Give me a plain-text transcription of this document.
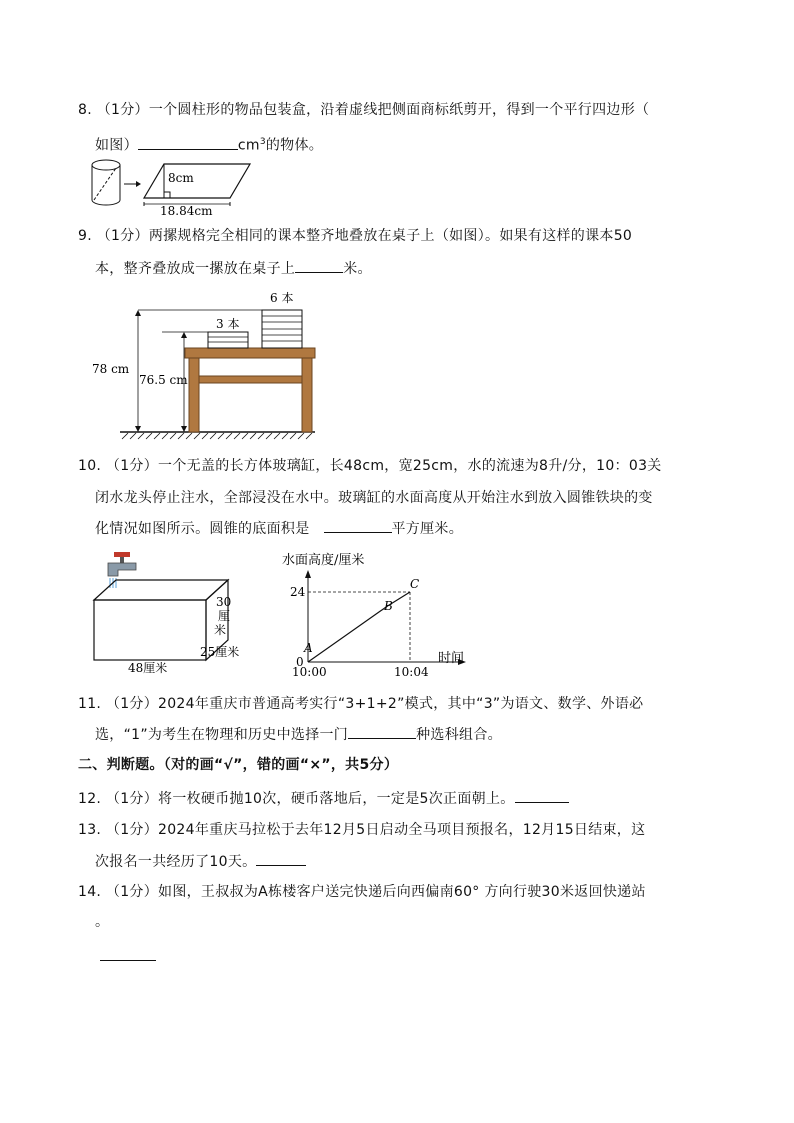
8. （1分）一个圆柱形的物品包装盒，沿着虚线把侧面商标纸剪开，得到一个平行四边形（
如图）	$cm^3$的物体。
8cm
18.84cm
9. （1分）两摞规格完全相同的课本整齐地叠放在桌子上（如图）。如果有这样的课本50
本，整齐叠放成一摞放在桌子上	米。
6 本
3 本
78 cm
76.5 cm
10. （1分）一个无盖的长方体玻璃缸，长48cm，宽25cm，水的流速为8升/分，10：03关
闭水龙头停止注水，全部浸没在水中。玻璃缸的水面高度从开始注水到放入圆锥铁块的变
化情况如图所示。圆锥的底面积是	平方厘米。
30
厘
米
25厘米
48厘米
水面高度/厘米
24
0
10:00	10:04
时间
A
B
C
11. （1分）2024年重庆市普通高考实行“3+1+2”模式，其中“3”为语文、数学、外语必
选，“1”为考生在物理和历史中选择一门	种选科组合。
二、判断题。（对的画“√”，错的画“×”，共5分）
12. （1分）将一枚硬币抛10次，硬币落地后，一定是5次正面朝上。
13. （1分）2024年重庆马拉松于去年12月5日启动全马项目预报名，12月15日结束，这
次报名一共经历了10天。
14. （1分）如图，王叔叔为A栋楼客户送完快递后向西偏南60° 方向行驶30米返回快递站
。
